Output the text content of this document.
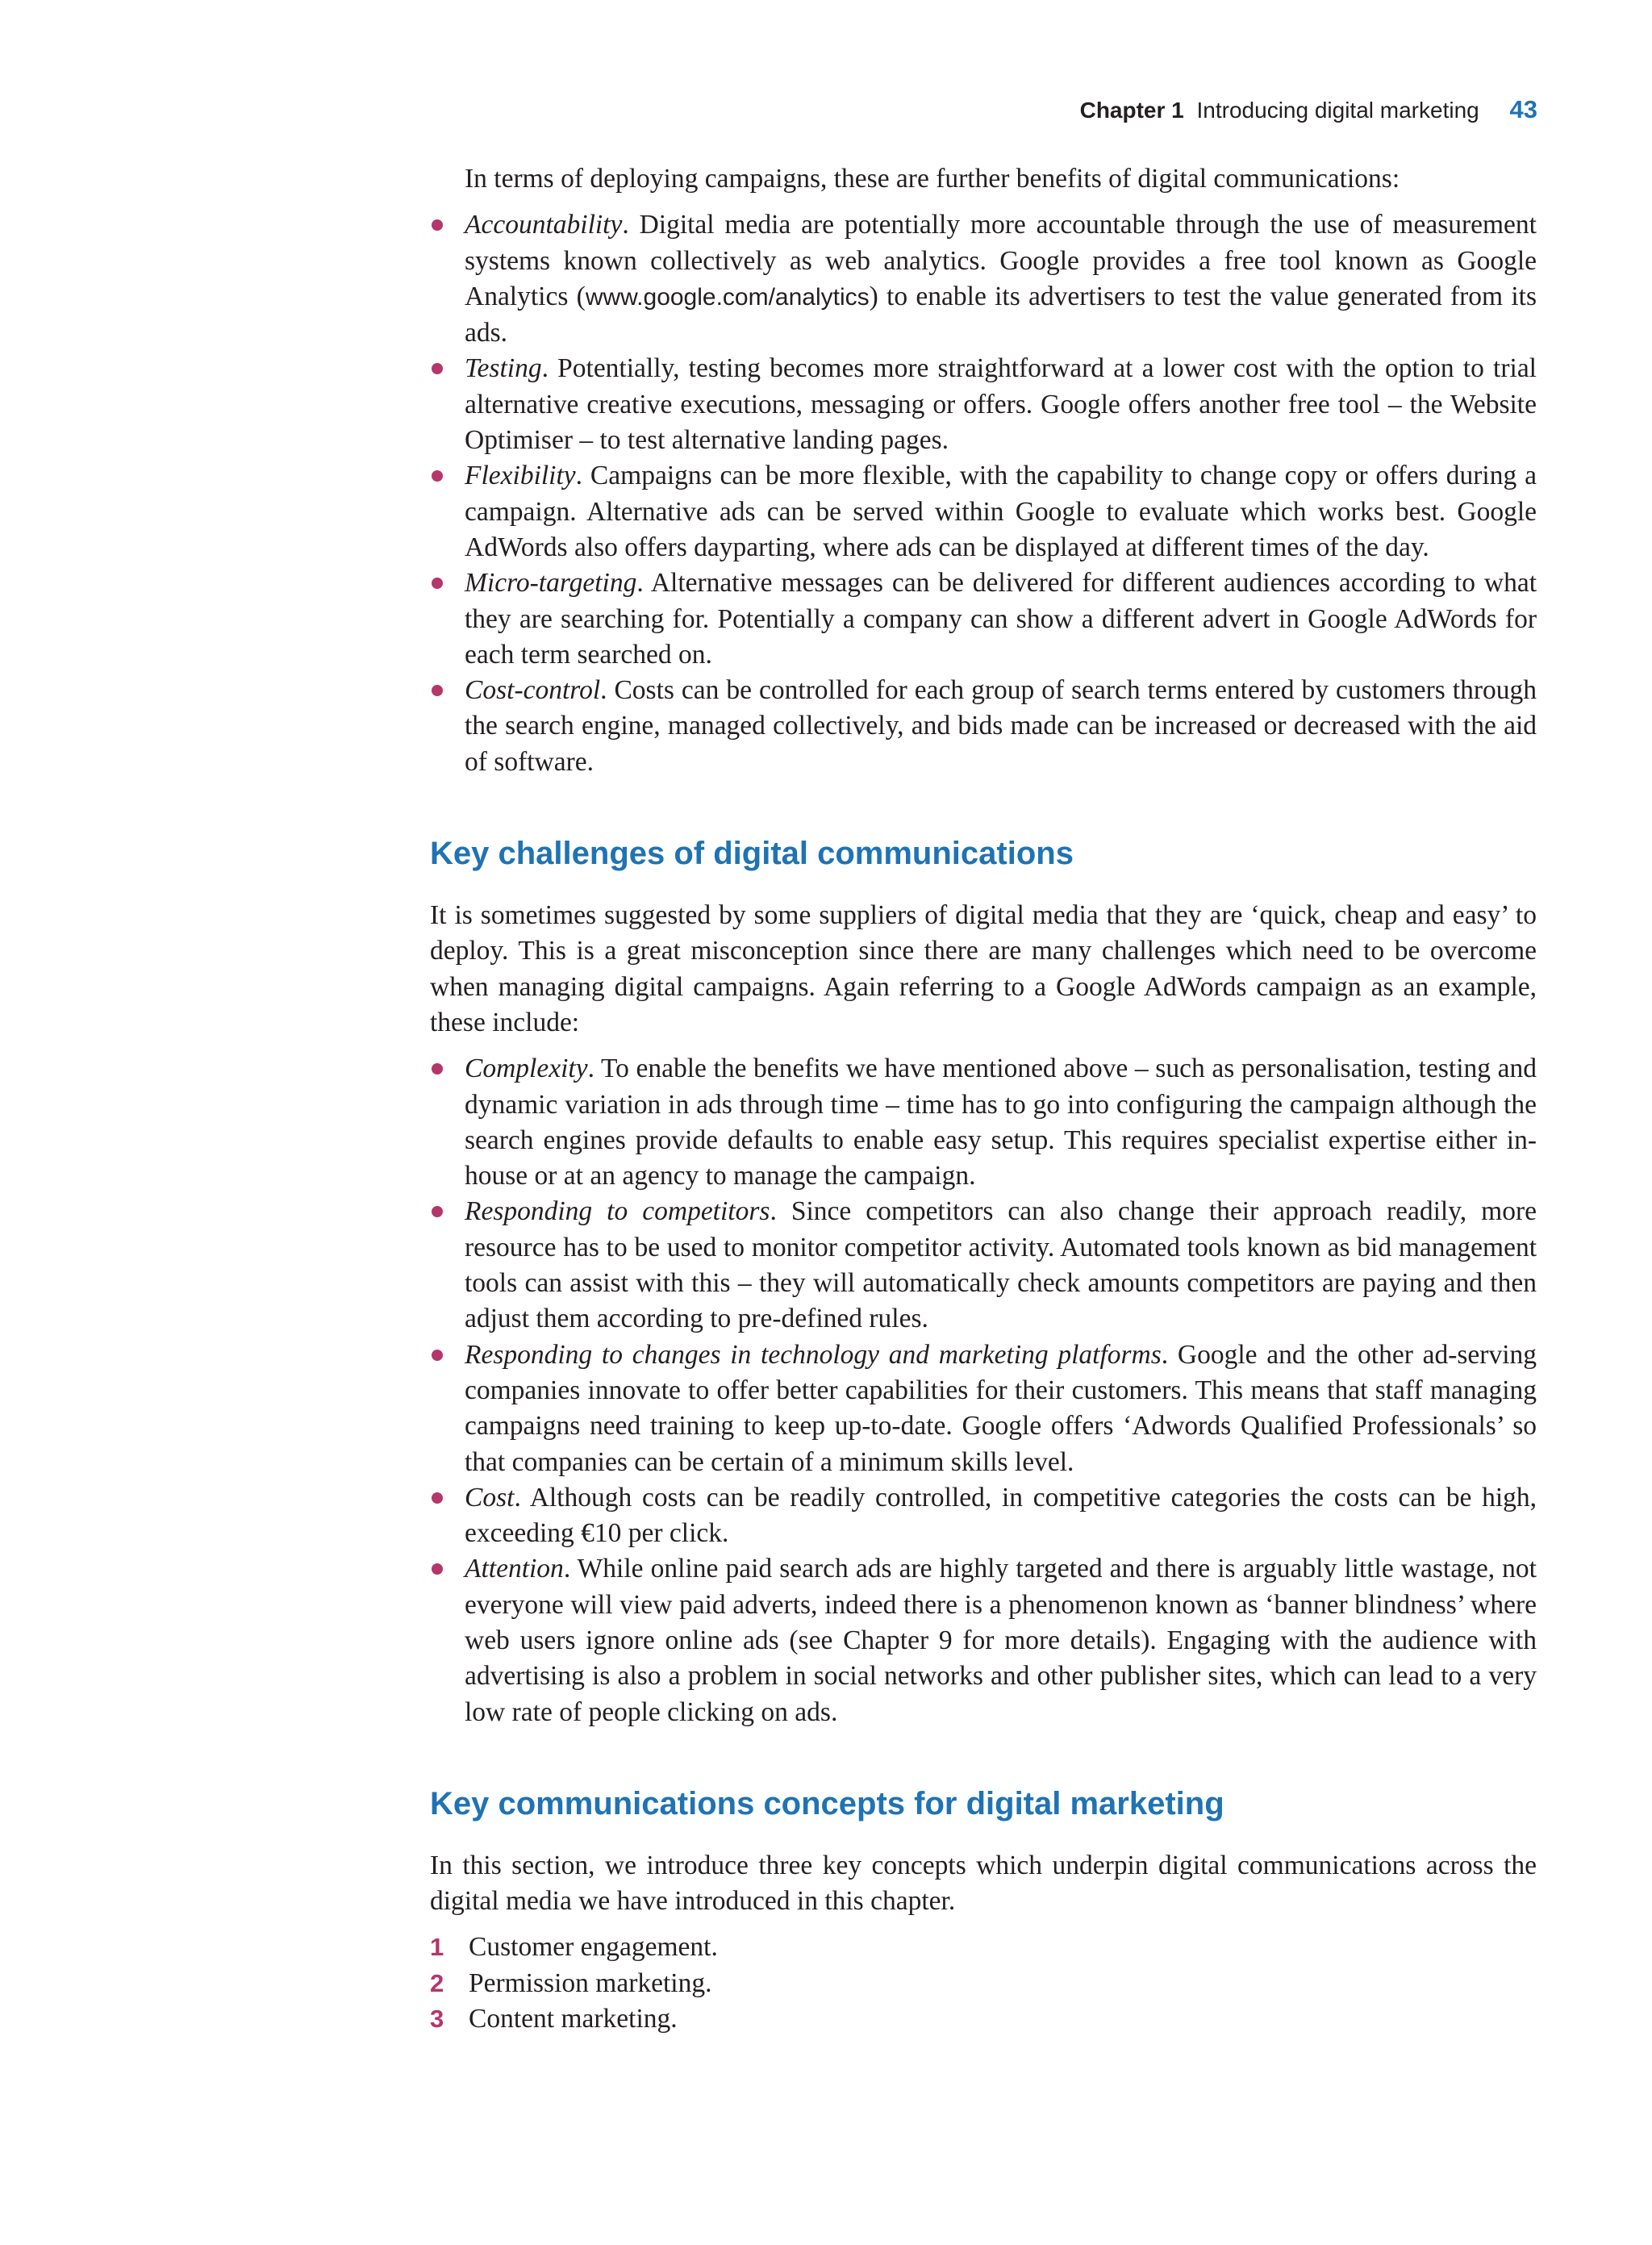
Chapter 1 Introducing digital marketing 43

In terms of deploying campaigns, these are further benefits of digital communications:

Accountability. Digital media are potentially more accountable through the use of measurement systems known collectively as web analytics. Google provides a free tool known as Google Analytics (www.google.com/analytics) to enable its advertisers to test the value generated from its ads.
Testing. Potentially, testing becomes more straightforward at a lower cost with the option to trial alternative creative executions, messaging or offers. Google offers another free tool – the Website Optimiser – to test alternative landing pages.
Flexibility. Campaigns can be more flexible, with the capability to change copy or offers during a campaign. Alternative ads can be served within Google to evaluate which works best. Google AdWords also offers dayparting, where ads can be displayed at different times of the day.
Micro-targeting. Alternative messages can be delivered for different audiences according to what they are searching for. Potentially a company can show a different advert in Google AdWords for each term searched on.
Cost-control. Costs can be controlled for each group of search terms entered by customers through the search engine, managed collectively, and bids made can be increased or decreased with the aid of software.
Key challenges of digital communications

It is sometimes suggested by some suppliers of digital media that they are ‘quick, cheap and easy’ to deploy. This is a great misconception since there are many challenges which need to be overcome when managing digital campaigns. Again referring to a Google AdWords campaign as an example, these include:

Complexity. To enable the benefits we have mentioned above – such as personalisation, testing and dynamic variation in ads through time – time has to go into configuring the campaign although the search engines provide defaults to enable easy setup. This requires specialist expertise either in-house or at an agency to manage the campaign.
Responding to competitors. Since competitors can also change their approach readily, more resource has to be used to monitor competitor activity. Automated tools known as bid management tools can assist with this – they will automatically check amounts competitors are paying and then adjust them according to pre-defined rules.
Responding to changes in technology and marketing platforms. Google and the other ad-serving companies innovate to offer better capabilities for their customers. This means that staff managing campaigns need training to keep up-to-date. Google offers ‘Adwords Qualified Professionals’ so that companies can be certain of a minimum skills level.
Cost. Although costs can be readily controlled, in competitive categories the costs can be high, exceeding €10 per click.
Attention. While online paid search ads are highly targeted and there is arguably little wastage, not everyone will view paid adverts, indeed there is a phenomenon known as ‘banner blindness’ where web users ignore online ads (see Chapter 9 for more details). Engaging with the audience with advertising is also a problem in social networks and other publisher sites, which can lead to a very low rate of people clicking on ads.
Key communications concepts for digital marketing

In this section, we introduce three key concepts which underpin digital communications across the digital media we have introduced in this chapter.

1 Customer engagement.
2 Permission marketing.
3 Content marketing.
